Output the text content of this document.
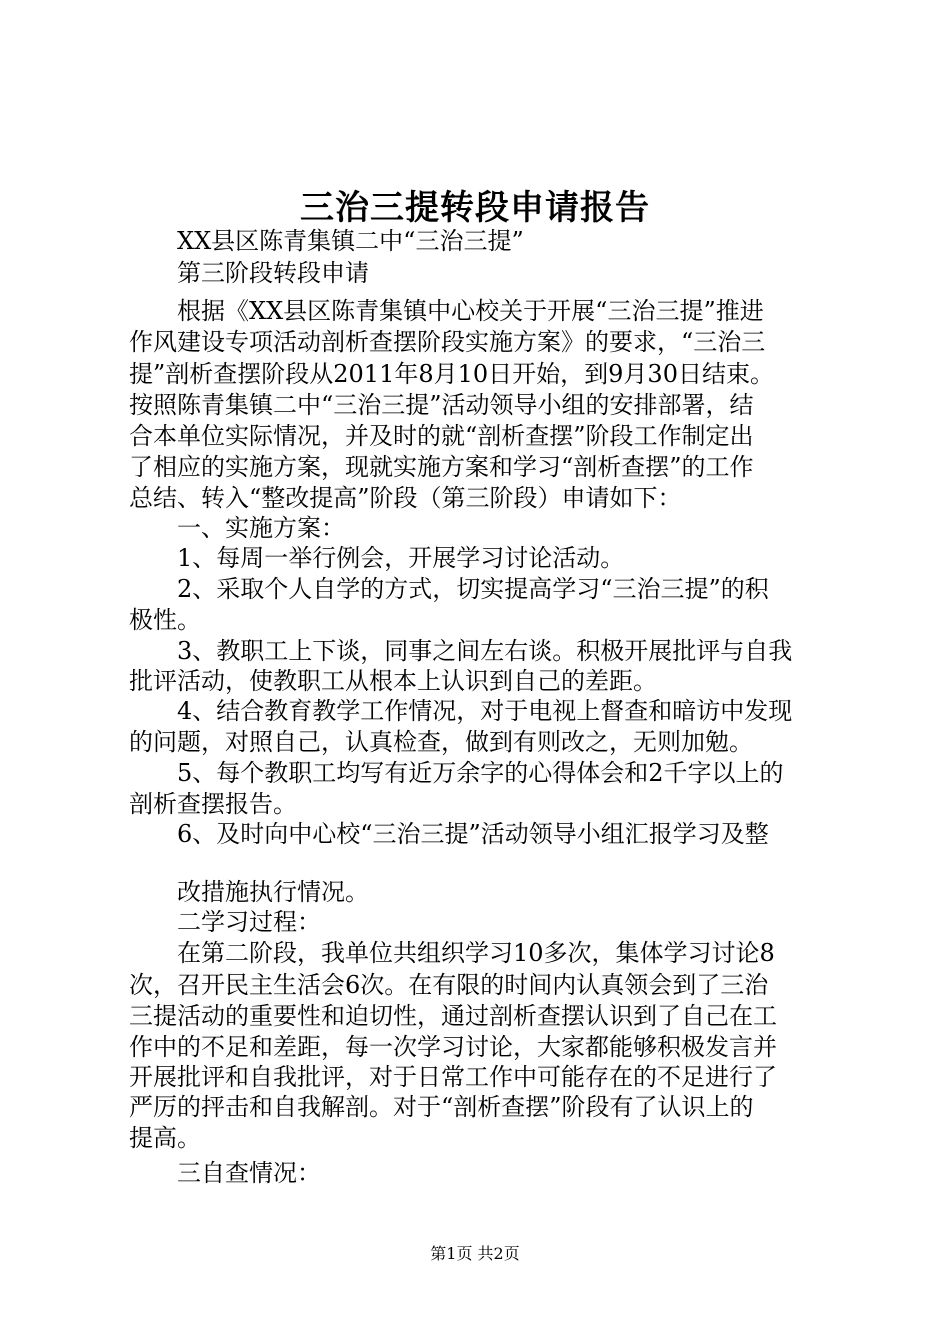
三治三提转段申请报告

XX县区陈青集镇二中“三治三提”

第三阶段转段申请

根据《XX县区陈青集镇中心校关于开展“三治三提”推进

作风建设专项活动剖析查摆阶段实施方案》的要求，“三治三

提”剖析查摆阶段从2011年8月10日开始，到9月30日结束。

按照陈青集镇二中“三治三提”活动领导小组的安排部署，结

合本单位实际情况，并及时的就“剖析查摆”阶段工作制定出

了相应的实施方案，现就实施方案和学习“剖析查摆”的工作

总结、转入“整改提高”阶段（第三阶段）申请如下：

一、实施方案：

1、每周一举行例会，开展学习讨论活动。

2、采取个人自学的方式，切实提高学习“三治三提”的积

极性。

3、教职工上下谈，同事之间左右谈。积极开展批评与自我

批评活动，使教职工从根本上认识到自己的差距。

4、结合教育教学工作情况，对于电视上督查和暗访中发现

的问题，对照自己，认真检查，做到有则改之，无则加勉。

5、每个教职工均写有近万余字的心得体会和2千字以上的

剖析查摆报告。

6、及时向中心校“三治三提”活动领导小组汇报学习及整

改措施执行情况。

二学习过程：

在第二阶段，我单位共组织学习10多次，集体学习讨论8

次，召开民主生活会6次。在有限的时间内认真领会到了三治

三提活动的重要性和迫切性，通过剖析查摆认识到了自己在工

作中的不足和差距，每一次学习讨论，大家都能够积极发言并

开展批评和自我批评，对于日常工作中可能存在的不足进行了

严厉的抨击和自我解剖。对于“剖析查摆”阶段有了认识上的

提高。

三自查情况：

第1页 共2页
